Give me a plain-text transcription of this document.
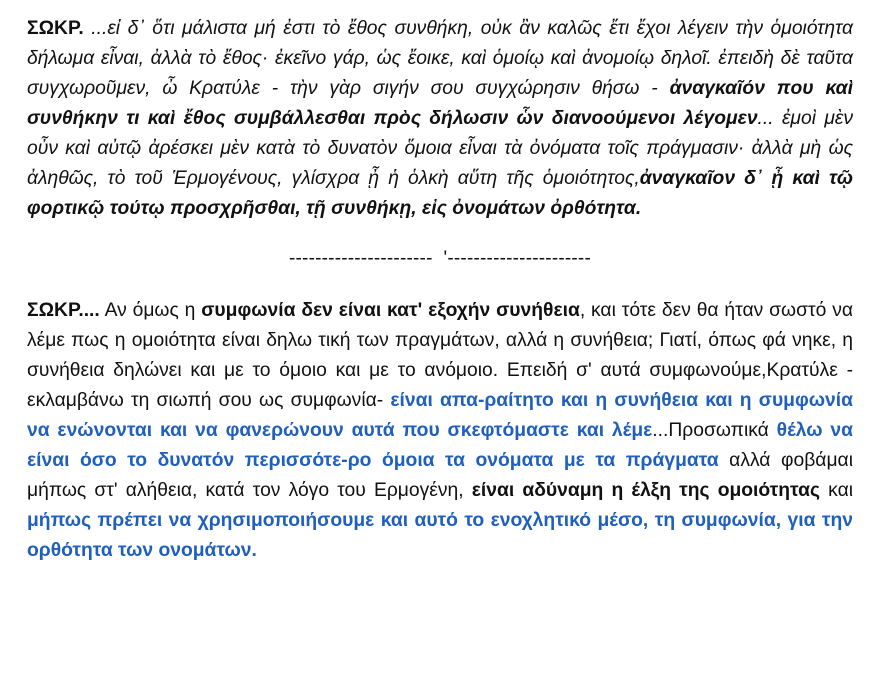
ΣΩΚΡ. ...εἰ δ᾽ ὅτι μάλιστα μή ἐστι τὸ ἔθος συνθήκη, οὐκ ἂν καλῶς ἔτι ἔχοι λέγειν τὴν ὁμοιότητα δήλωμα εἶναι, ἀλλὰ τὸ ἔθος· ἐκεῖνο γάρ, ὡς ἔοικε, καὶ ὁμοίῳ καὶ ἀνομοίῳ δηλοῖ. ἐπειδὴ δὲ ταῦτα συγχωροῦμεν, ὦ Κρατύλε - τὴν γὰρ σιγήν σου συγχώρησιν θήσω - ἀναγκαῖόν που καὶ συνθήκην τι καὶ ἔθος συμβάλλεσθαι πρὸς δήλωσιν ὧν διανοούμενοι λέγομεν... ἐμοὶ μὲν οὖν καὶ αὐτῷ ἀρέσκει μὲν κατὰ τὸ δυνατὸν ὅμοια εἶναι τὰ ὀνόματα τοῖς πράγμασιν· ἀλλὰ μὴ ὡς ἀληθῶς, τὸ τοῦ Ἑρμογένους, γλίσχρα ᾖ ἡ ὁλκὴ αὕτη τῆς ὁμοιότητος,ἀναγκαῖον δ᾽ ᾖ καὶ τῷ φορτικῷ τούτῳ προσχρῆσθαι, τῇ συνθήκῃ, εἰς ὀνομάτων ὀρθότητα.

----------------------  '----------------------

ΣΩΚΡ.... Αν όμως η συμφωνία δεν είναι κατ' εξοχήν συνήθεια, και τότε δεν θα ήταν σωστό να λέμε πως η ομοιότητα είναι δηλω τική των πραγμάτων, αλλά η συνήθεια; Γιατί, όπως φά νηκε, η συνήθεια δηλώνει και με το όμοιο και με το ανόμοιο. Επειδή σ' αυτά συμφωνούμε,Κρατύλε - εκλαμβάνω τη σιωπή σου ως συμφωνία- είναι απα-ραίτητο και η συνήθεια και η συμφωνία να ενώνονται και να φανερώνουν αυτά που σκεφτόμαστε και λέμε...Προσωπικά θέλω να είναι όσο το δυνατόν περισσότε-ρο όμοια τα ονόματα με τα πράγματα αλλά φοβάμαι μήπως στ' αλήθεια, κατά τον λόγο του Ερμογένη, είναι αδύναμη η έλξη της ομοιότητας και μήπως πρέπει να χρησιμοποιήσουμε και αυτό το ενοχλητικό μέσο, τη συμφωνία, για την ορθότητα των ονομάτων.
